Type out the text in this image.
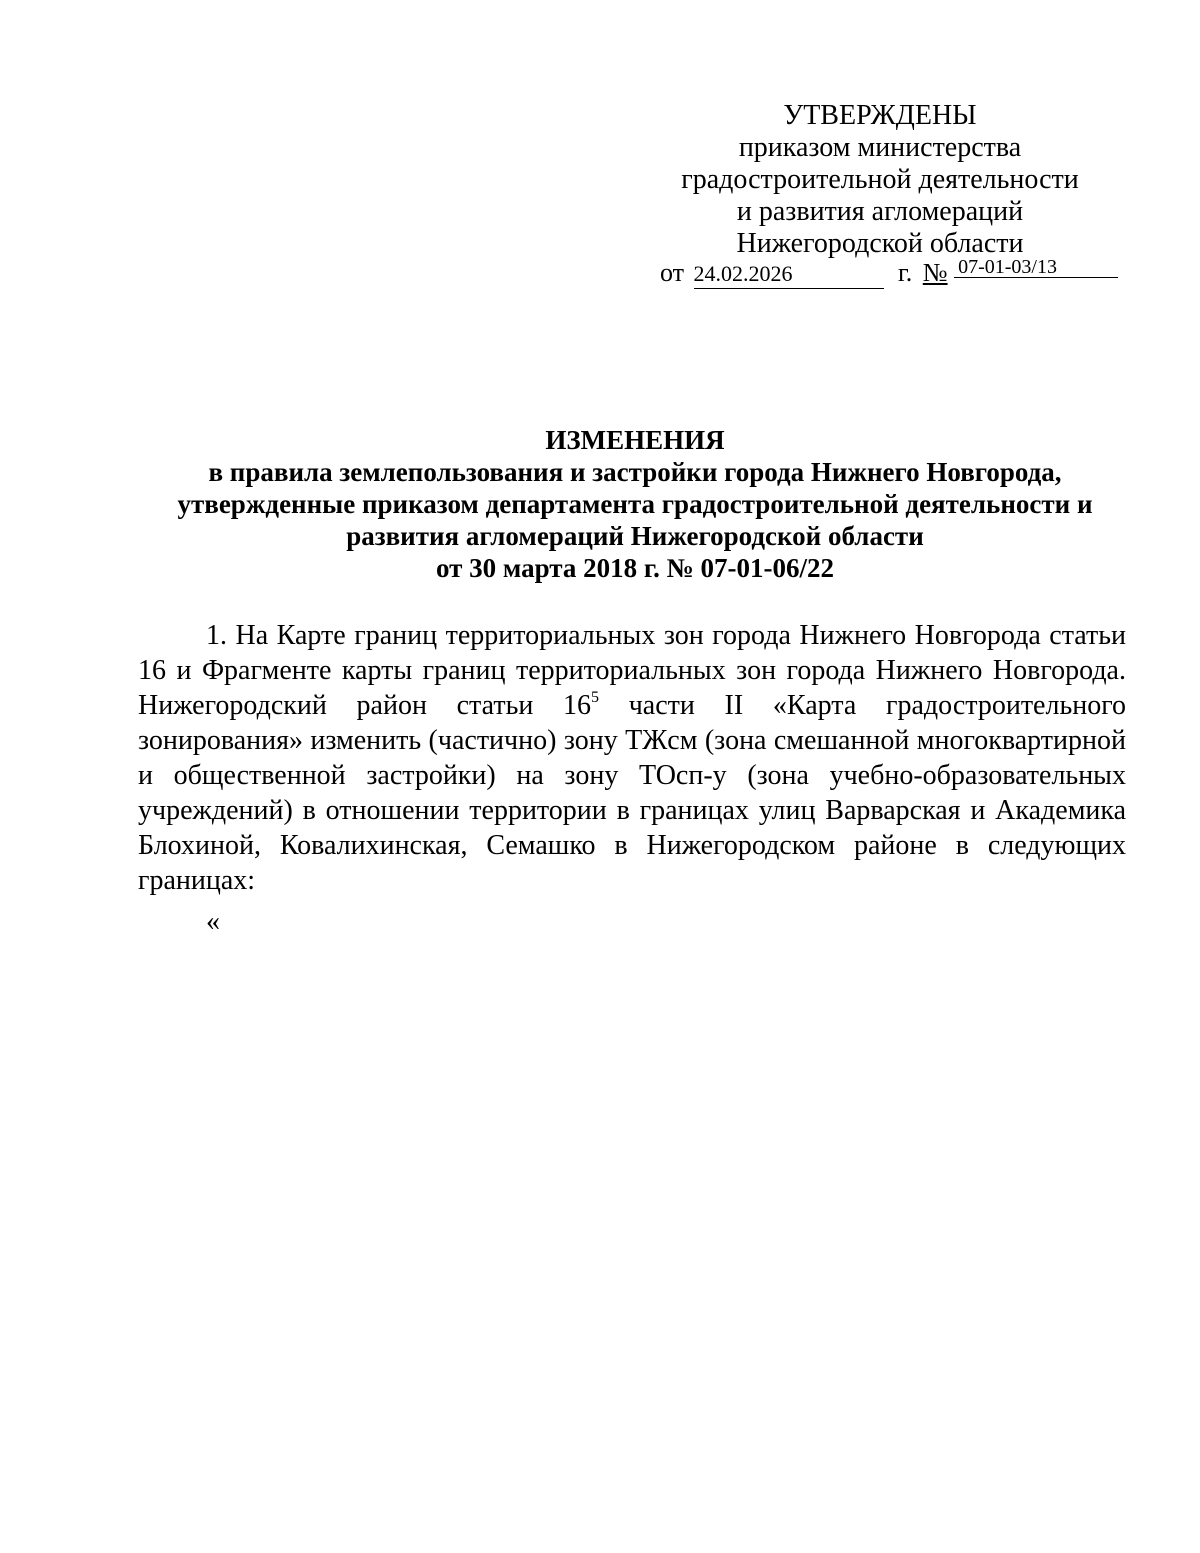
УТВЕРЖДЕНЫ
приказом министерства
градостроительной деятельности
и развития агломераций
Нижегородской области
от 24.02.2026	г. № 07-01-03/13
ИЗМЕНЕНИЯ
в правила землепользования и застройки города Нижнего Новгорода,
утвержденные приказом департамента градостроительной деятельности и
развития агломераций Нижегородской области
от 30 марта 2018 г. № 07-01-06/22
1. На Карте границ территориальных зон города Нижнего Новгорода статьи 16 и Фрагменте карты границ территориальных зон города Нижнего Новгорода. Нижегородский район статьи $16^5$ части II «Карта градостроительного зонирования» изменить (частично) зону ТЖсм (зона смешанной многоквартирной и общественной застройки) на зону ТОсп-у (зона учебно-образовательных учреждений) в отношении территории в границах улиц Варварская и Академика Блохиной, Ковалихинская, Семашко в Нижегородском районе в следующих границах:
«
